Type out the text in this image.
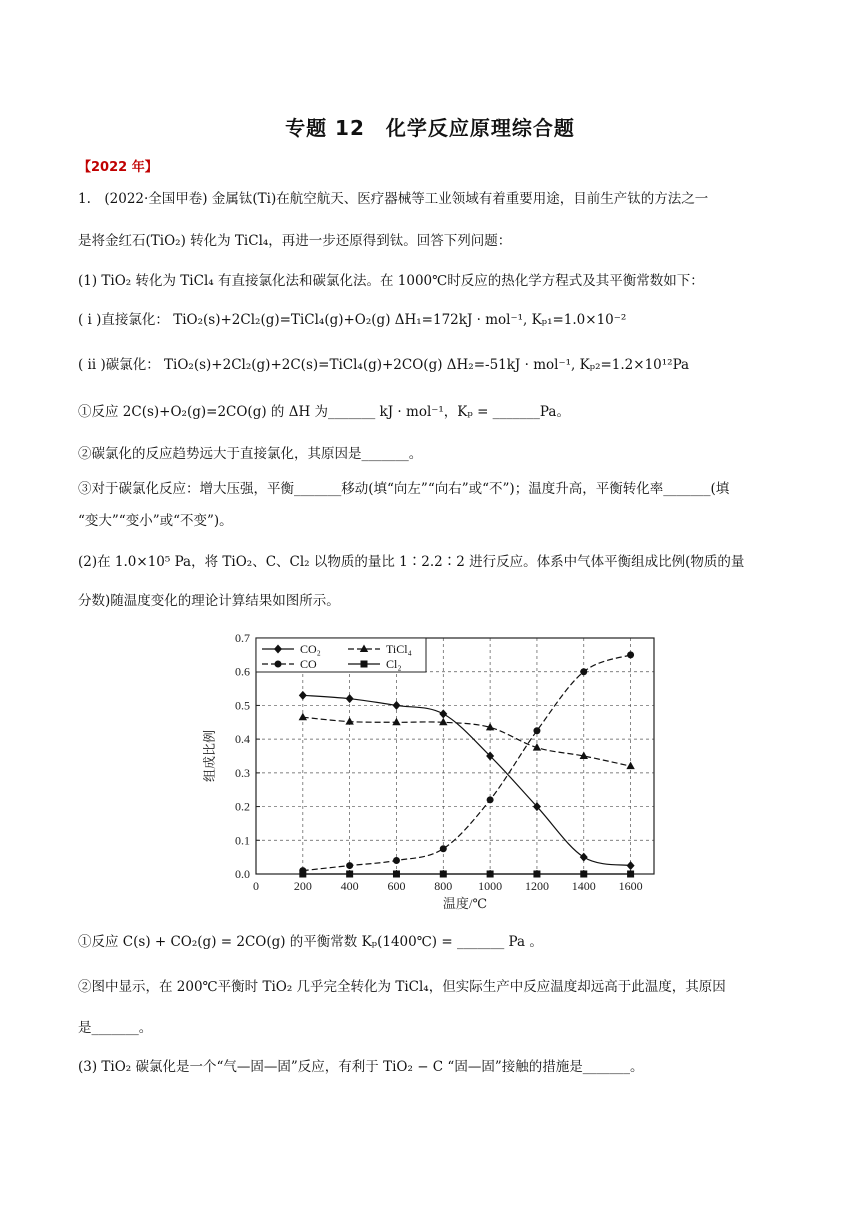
专题 12　化学反应原理综合题
【2022 年】
1.　(2022·全国甲卷) 金属钛(Ti)在航空航天、医疗器械等工业领域有着重要用途，目前生产钛的方法之一
是将金红石(TiO₂) 转化为 TiCl₄，再进一步还原得到钛。回答下列问题：
(1) TiO₂ 转化为 TiCl₄ 有直接氯化法和碳氯化法。在 1000℃时反应的热化学方程式及其平衡常数如下：
( ⅰ )直接氯化： TiO₂(s)+2Cl₂(g)=TiCl₄(g)+O₂(g) ΔH₁=172kJ · mol⁻¹, Kₚ₁=1.0×10⁻²
( ⅱ )碳氯化： TiO₂(s)+2Cl₂(g)+2C(s)=TiCl₄(g)+2CO(g) ΔH₂=-51kJ · mol⁻¹, Kₚ₂=1.2×10¹²Pa
①反应 2C(s)+O₂(g)=2CO(g) 的 ΔH 为_______ kJ · mol⁻¹，Kₚ = _______Pa。
②碳氯化的反应趋势远大于直接氯化，其原因是_______。
③对于碳氯化反应：增大压强，平衡_______移动(填“向左”“向右”或“不”)；温度升高，平衡转化率_______(填
“变大”“变小”或“不变”)。
(2)在 1.0×10⁵ Pa，将 TiO₂、C、Cl₂ 以物质的量比 1∶2.2∶2 进行反应。体系中气体平衡组成比例(物质的量
分数)随温度变化的理论计算结果如图所示。
0.0
0.1
0.2
0.3
0.4
0.5
0.6
0.7
0	200 400 600 800 1000 1200 1400 1600
温度/℃
组成比例
CO₂	TiCl₄
CO	Cl₂
①反应 C(s) + CO₂(g) = 2CO(g) 的平衡常数 Kₚ(1400℃) = _______ Pa 。
②图中显示，在 200℃平衡时 TiO₂ 几乎完全转化为 TiCl₄，但实际生产中反应温度却远高于此温度，其原因
是_______。
(3) TiO₂ 碳氯化是一个“气—固—固”反应，有利于 TiO₂ − C “固—固”接触的措施是_______。
